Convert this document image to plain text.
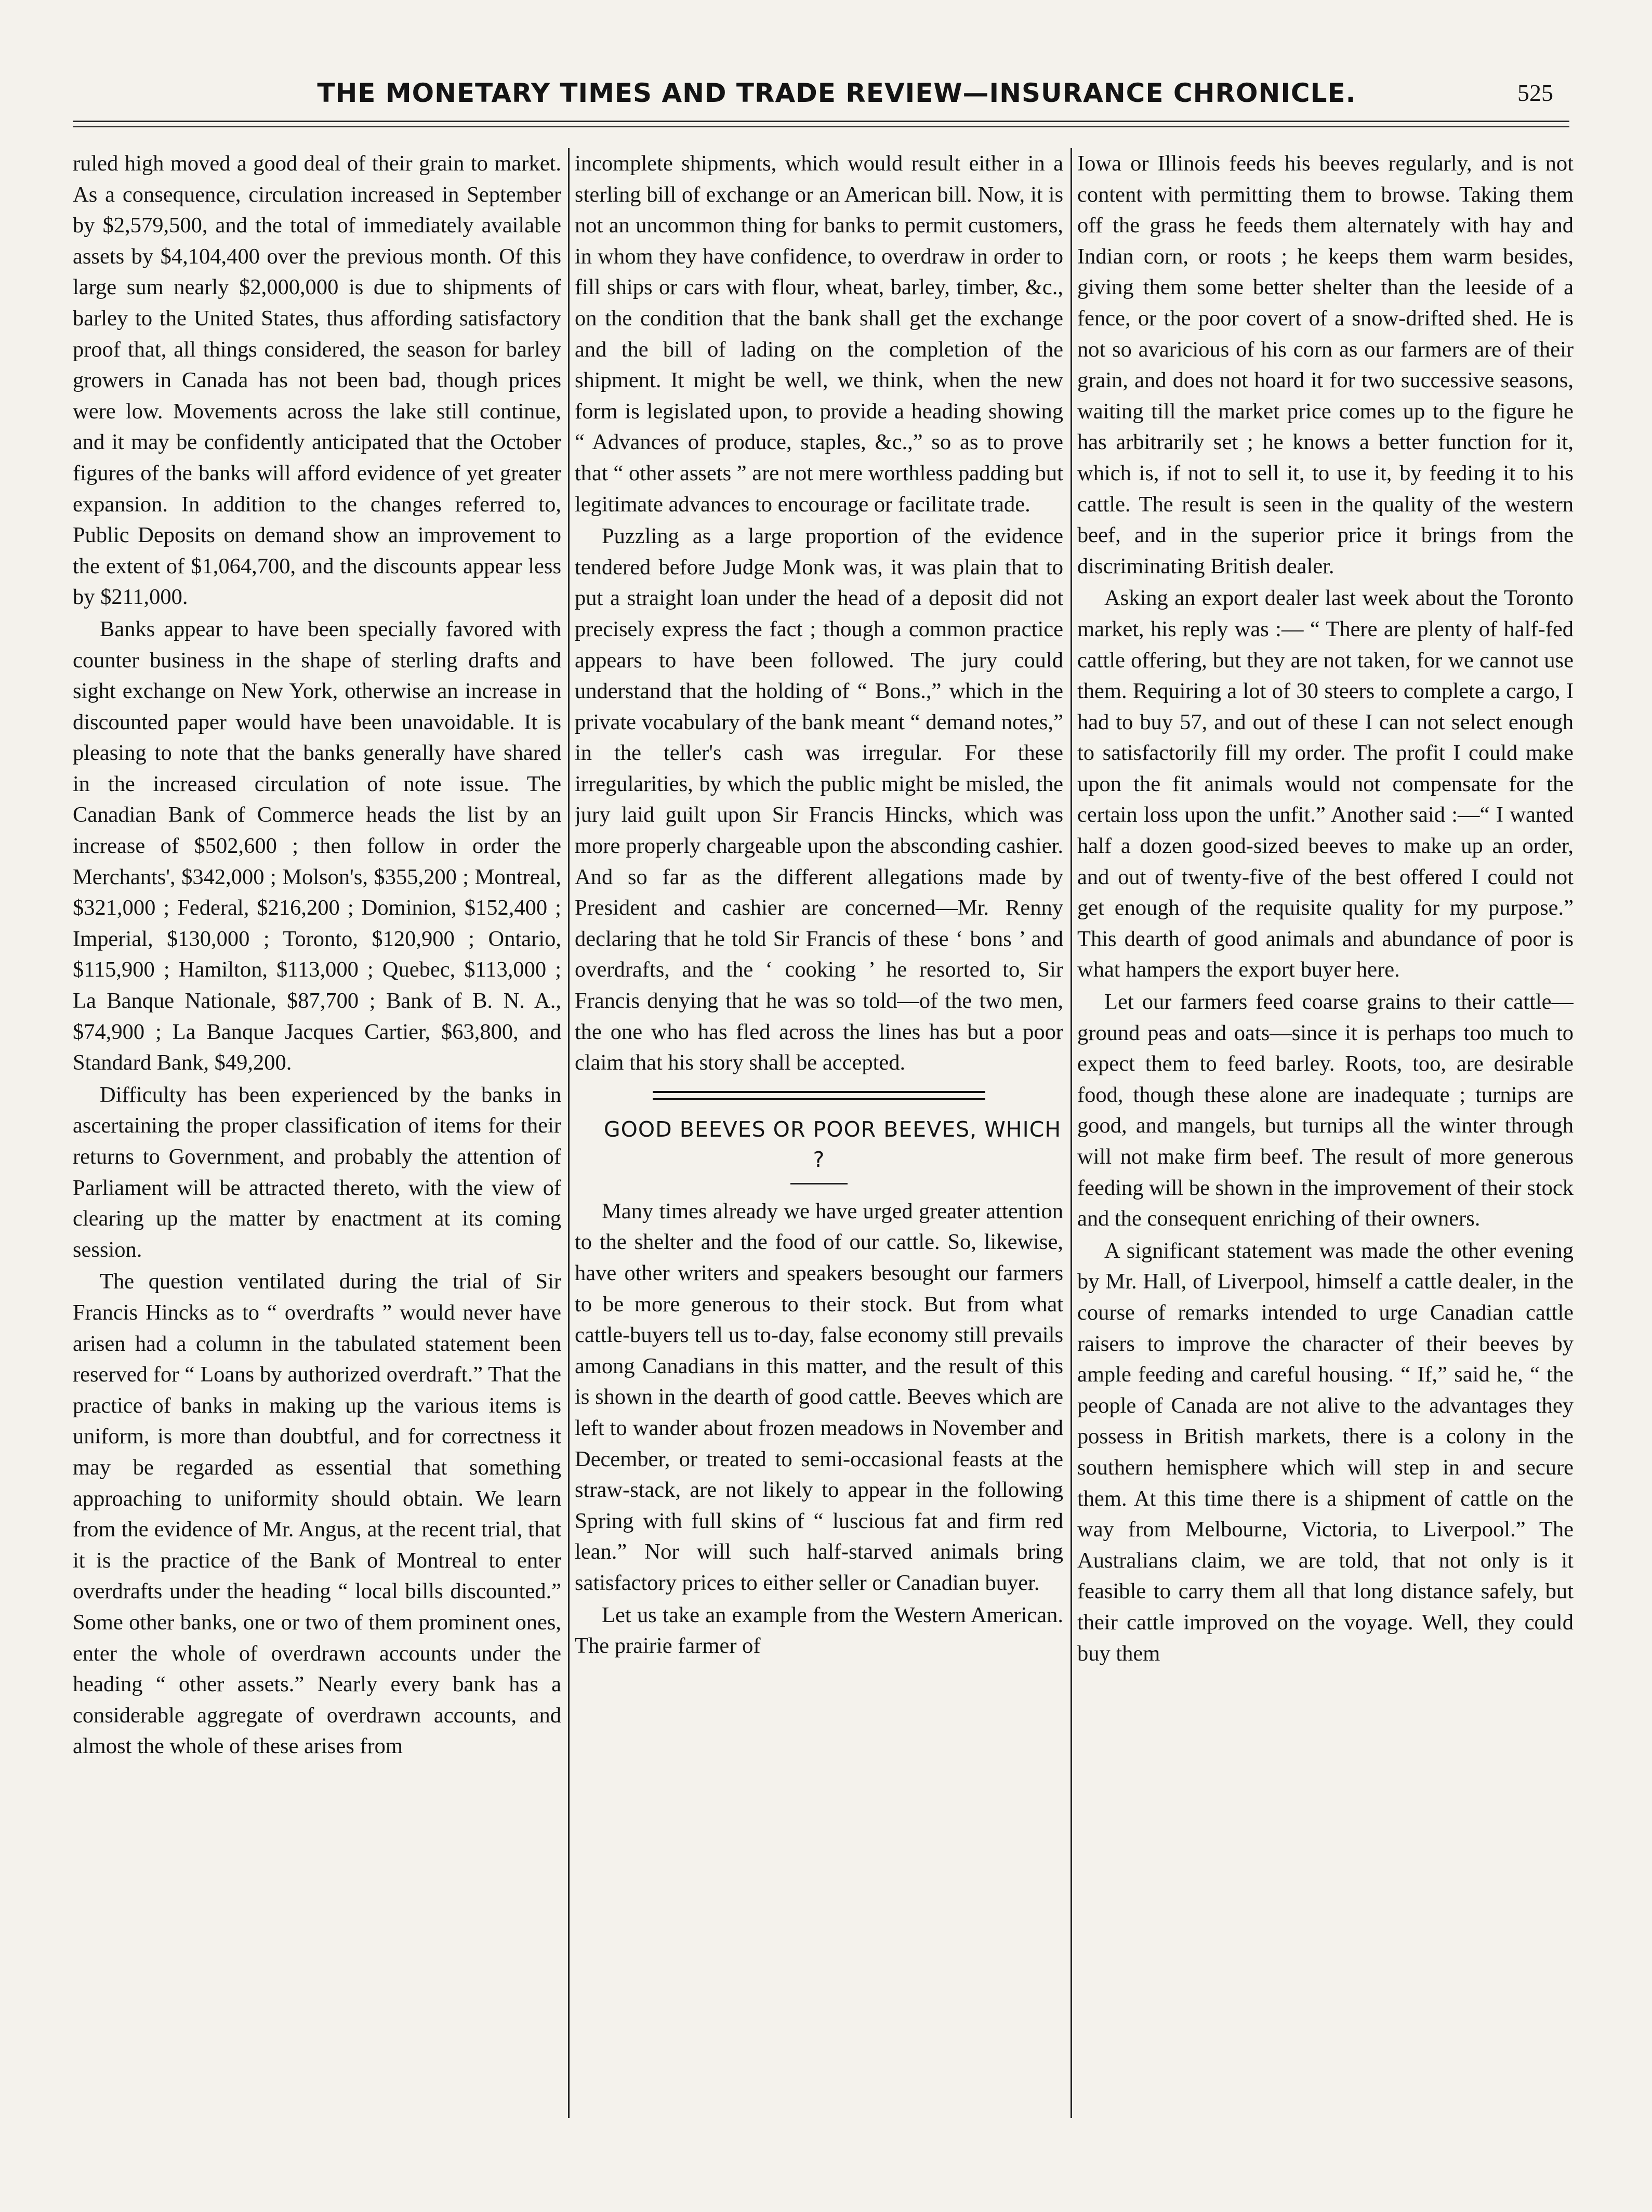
THE MONETARY TIMES AND TRADE REVIEW—INSURANCE CHRONICLE.	525

ruled high moved a good deal of their grain to market. As a consequence, circulation increased in September by $2,579,500, and the total of immediately available assets by $4,104,400 over the previous month. Of this large sum nearly $2,000,000 is due to shipments of barley to the United States, thus affording satisfactory proof that, all things considered, the season for barley growers in Canada has not been bad, though prices were low. Movements across the lake still continue, and it may be confidently anticipated that the October figures of the banks will afford evidence of yet greater expansion. In addition to the changes referred to, Public Deposits on demand show an improvement to the extent of $1,064,700, and the discounts appear less by $211,000.

Banks appear to have been specially favored with counter business in the shape of sterling drafts and sight exchange on New York, otherwise an increase in discounted paper would have been unavoidable. It is pleasing to note that the banks generally have shared in the increased circulation of note issue. The Canadian Bank of Commerce heads the list by an increase of $502,600 ; then follow in order the Merchants', $342,000 ; Molson's, $355,200 ; Montreal, $321,000 ; Federal, $216,200 ; Dominion, $152,400 ; Imperial, $130,000 ; Toronto, $120,900 ; Ontario, $115,900 ; Hamilton, $113,000 ; Quebec, $113,000 ; La Banque Nationale, $87,700 ; Bank of B. N. A., $74,900 ; La Banque Jacques Cartier, $63,800, and Standard Bank, $49,200.

Difficulty has been experienced by the banks in ascertaining the proper classification of items for their returns to Government, and probably the attention of Parliament will be attracted thereto, with the view of clearing up the matter by enactment at its coming session.

The question ventilated during the trial of Sir Francis Hincks as to “ overdrafts ” would never have arisen had a column in the tabulated statement been reserved for “ Loans by authorized overdraft.” That the practice of banks in making up the various items is uniform, is more than doubtful, and for correctness it may be regarded as essential that something approaching to uniformity should obtain. We learn from the evidence of Mr. Angus, at the recent trial, that it is the practice of the Bank of Montreal to enter overdrafts under the heading “ local bills discounted.” Some other banks, one or two of them prominent ones, enter the whole of overdrawn accounts under the heading “ other assets.” Nearly every bank has a considerable aggregate of overdrawn accounts, and almost the whole of these arises from

incomplete shipments, which would result either in a sterling bill of exchange or an American bill. Now, it is not an uncommon thing for banks to permit customers, in whom they have confidence, to overdraw in order to fill ships or cars with flour, wheat, barley, timber, &c., on the condition that the bank shall get the exchange and the bill of lading on the completion of the shipment. It might be well, we think, when the new form is legislated upon, to provide a heading showing “ Advances of produce, staples, &c.,” so as to prove that “ other assets ” are not mere worthless padding but legitimate advances to encourage or facilitate trade.

Puzzling as a large proportion of the evidence tendered before Judge Monk was, it was plain that to put a straight loan under the head of a deposit did not precisely express the fact ; though a common practice appears to have been followed. The jury could understand that the holding of “ Bons.,” which in the private vocabulary of the bank meant “ demand notes,” in the teller's cash was irregular. For these irregularities, by which the public might be misled, the jury laid guilt upon Sir Francis Hincks, which was more properly chargeable upon the absconding cashier. And so far as the different allegations made by President and cashier are concerned—Mr. Renny declaring that he told Sir Francis of these ‘ bons ’ and overdrafts, and the ‘ cooking ’ he resorted to, Sir Francis denying that he was so told—of the two men, the one who has fled across the lines has but a poor claim that his story shall be accepted.

GOOD BEEVES OR POOR BEEVES, WHICH ?

Many times already we have urged greater attention to the shelter and the food of our cattle. So, likewise, have other writers and speakers besought our farmers to be more generous to their stock. But from what cattle-buyers tell us to-day, false economy still prevails among Canadians in this matter, and the result of this is shown in the dearth of good cattle. Beeves which are left to wander about frozen meadows in November and December, or treated to semi-occasional feasts at the straw-stack, are not likely to appear in the following Spring with full skins of “ luscious fat and firm red lean.” Nor will such half-starved animals bring satisfactory prices to either seller or Canadian buyer.

Let us take an example from the Western American. The prairie farmer of

Iowa or Illinois feeds his beeves regularly, and is not content with permitting them to browse. Taking them off the grass he feeds them alternately with hay and Indian corn, or roots ; he keeps them warm besides, giving them some better shelter than the leeside of a fence, or the poor covert of a snow-drifted shed. He is not so avaricious of his corn as our farmers are of their grain, and does not hoard it for two successive seasons, waiting till the market price comes up to the figure he has arbitrarily set ; he knows a better function for it, which is, if not to sell it, to use it, by feeding it to his cattle. The result is seen in the quality of the western beef, and in the superior price it brings from the discriminating British dealer.

Asking an export dealer last week about the Toronto market, his reply was :— “ There are plenty of half-fed cattle offering, but they are not taken, for we cannot use them. Requiring a lot of 30 steers to complete a cargo, I had to buy 57, and out of these I can not select enough to satisfactorily fill my order. The profit I could make upon the fit animals would not compensate for the certain loss upon the unfit.” Another said :—“ I wanted half a dozen good-sized beeves to make up an order, and out of twenty-five of the best offered I could not get enough of the requisite quality for my purpose.” This dearth of good animals and abundance of poor is what hampers the export buyer here.

Let our farmers feed coarse grains to their cattle—ground peas and oats—since it is perhaps too much to expect them to feed barley. Roots, too, are desirable food, though these alone are inadequate ; turnips are good, and mangels, but turnips all the winter through will not make firm beef. The result of more generous feeding will be shown in the improvement of their stock and the consequent enriching of their owners.

A significant statement was made the other evening by Mr. Hall, of Liverpool, himself a cattle dealer, in the course of remarks intended to urge Canadian cattle raisers to improve the character of their beeves by ample feeding and careful housing. “ If,” said he, “ the people of Canada are not alive to the advantages they possess in British markets, there is a colony in the southern hemisphere which will step in and secure them. At this time there is a shipment of cattle on the way from Melbourne, Victoria, to Liverpool.” The Australians claim, we are told, that not only is it feasible to carry them all that long distance safely, but their cattle improved on the voyage. Well, they could buy them
